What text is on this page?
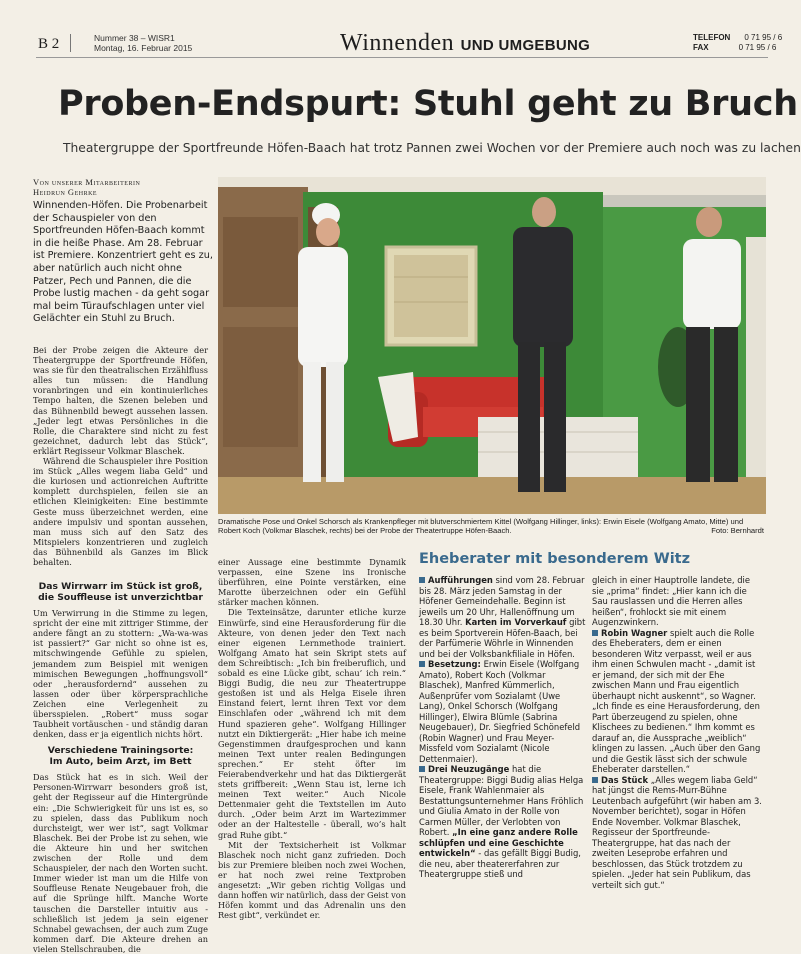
B 2	Nummer 38 – WISR1
Montag, 16. Februar 2015	Winnenden UND UMGEBUNG	TELEFON 0 71 95 / 6
FAX	0 71 95 / 6
Proben-Endspurt: Stuhl geht zu Bruch
Theatergruppe der Sportfreunde Höfen-Baach hat trotz Pannen zwei Wochen vor der Premiere auch noch was zu lachen
Von unserer Mitarbeiterin
Heidrun Gehrke
Winnenden-Höfen. Die Probenarbeit der Schauspieler von den Sportfreunden Höfen-Baach kommt in die heiße Phase. Am 28. Februar ist Premiere. Konzentriert geht es zu, aber natürlich auch nicht ohne Patzer, Pech und Pannen, die die Probe lustig machen - da geht sogar mal beim Türaufschlagen unter viel Gelächter ein Stuhl zu Bruch.

Bei der Probe zeigen die Akteure der Theatergruppe der Sportfreunde Höfen, was sie für den theatralischen Erzählfluss alles tun müssen: die Handlung voranbringen und ein kontinuierliches Tempo halten, die Szenen beleben und das Bühnenbild bewegt aussehen lassen. „Jeder legt etwas Persönliches in die Rolle, die Charaktere sind nicht zu fest gezeichnet, dadurch lebt das Stück“, erklärt Regisseur Volkmar Blaschek.

Während die Schauspieler ihre Position im Stück „Alles wegem liaba Geld“ und die kuriosen und actionreichen Auftritte komplett durchspielen, feilen sie an etlichen Kleinigkeiten: Eine bestimmte Geste muss überzeichnet werden, eine andere impulsiv und spontan aussehen, man muss sich auf den Satz des Mitspielers konzentrieren und zugleich das Bühnenbild als Ganzes im Blick behalten.

Das Wirrwarr im Stück ist groß,
die Souffleuse ist unverzichtbar

Um Verwirrung in die Stimme zu legen, spricht der eine mit zittriger Stimme, der andere fängt an zu stottern: „Wa-wa-was ist passiert?“ Gar nicht so ohne ist es, mitschwingende Gefühle zu spielen, jemandem zum Beispiel mit wenigen mimischen Bewegungen „hoffnungsvoll“ oder „herausfordernd“ aussehen zu lassen oder über körpersprachliche Zeichen eine Verlegenheit zu übersspielen. „Robert“ muss sogar Taubheit vortäuschen - und ständig daran denken, dass er ja eigentlich nichts hört.

Verschiedene Trainingsorte:
Im Auto, beim Arzt, im Bett

Das Stück hat es in sich. Weil der Personen-Wirrwarr besonders groß ist, geht der Regisseur auf die Hintergründe ein: „Die Schwierigkeit für uns ist es, so zu spielen, dass das Publikum noch durchsteigt, wer wer ist“, sagt Volkmar Blaschek. Bei der Probe ist zu sehen, wie die Akteure hin und her switchen zwischen der Rolle und dem Schauspieler, der nach den Worten sucht. Immer wieder ist man um die Hilfe von Souffleuse Renate Neugebauer froh, die auf die Sprünge hilft. Manche Worte tauschen die Darsteller intuitiv aus - schließlich ist jedem ja sein eigener Schnabel gewachsen, der auch zum Zuge kommen darf. Die Akteure drehen an vielen Stellschrauben, die

Dramatische Pose und Onkel Schorsch als Krankenpfleger mit blutverschmiertem Kittel (Wolfgang Hillinger, links): Erwin Eisele (Wolfgang Amato, Mitte) und Robert Koch (Volkmar Blaschek, rechts) bei der Probe der Theatertruppe Höfen-Baach.	Foto: Bernhardt

einer Aussage eine bestimmte Dynamik verpassen, eine Szene ins Ironische überführen, eine Pointe verstärken, eine Marotte überzeichnen oder ein Gefühl stärker machen können.

Die Texteinsätze, darunter etliche kurze Einwürfe, sind eine Herausforderung für die Akteure, von denen jeder den Text nach einer eigenen Lernmethode trainiert. Wolfgang Amato hat sein Skript stets auf dem Schreibtisch: „Ich bin freiberuflich, und sobald es eine Lücke gibt, schau’ ich rein.“ Biggi Budig, die neu zur Theatertruppe gestoßen ist und als Helga Eisele ihren Einstand feiert, lernt ihren Text vor dem Einschlafen oder „während ich mit dem Hund spazieren gehe“. Wolfgang Hillinger nutzt ein Diktiergerät: „Hier habe ich meine Gegenstimmen draufgesprochen und kann meinen Text unter realen Bedingungen sprechen.“ Er steht öfter im Feierabendverkehr und hat das Diktiergerät stets griffbereit: „Wenn Stau ist, lerne ich meinen Text weiter.“ Auch Nicole Dettenmaier geht die Textstellen im Auto durch. „Oder beim Arzt im Wartezimmer oder an der Haltestelle - überall, wo’s halt grad Ruhe gibt.“

Mit der Textsicherheit ist Volkmar Blaschek noch nicht ganz zufrieden. Doch bis zur Premiere bleiben noch zwei Wochen, er hat noch zwei reine Textproben angesetzt: „Wir geben richtig Vollgas und dann hoffen wir natürlich, dass der Geist von Höfen kommt und das Adrenalin uns den Rest gibt“, verkündet er.

Eheberater mit besonderem Witz

Aufführungen sind vom 28. Februar bis 28. März jeden Samstag in der Höfener Gemeindehalle. Beginn ist jeweils um 20 Uhr, Hallenöffnung um 18.30 Uhr. Karten im Vorverkauf gibt es beim Sportverein Höfen-Baach, bei der Parfümerie Wöhrle in Winnenden und bei der Volksbankfiliale in Höfen.

Besetzung: Erwin Eisele (Wolfgang Amato), Robert Koch (Volkmar Blaschek), Manfred Kümmerlich, Außenprüfer vom Sozialamt (Uwe Lang), Onkel Schorsch (Wolfgang Hillinger), Elwira Blümle (Sabrina Neugebauer), Dr. Siegfried Schönefeld (Robin Wagner) und Frau Meyer-Missfeld vom Sozialamt (Nicole Dettenmaier).

Drei Neuzugänge hat die Theatergruppe: Biggi Budig alias Helga Eisele, Frank Wahlenmaier als Bestattungsunternehmer Hans Fröhlich und Giulia Amato in der Rolle von Carmen Müller, der Verlobten von Robert. „In eine ganz andere Rolle schlüpfen und eine Geschichte entwickeln“ - das gefällt Biggi Budig, die neu, aber theatererfahren zur Theatergruppe stieß und

gleich in einer Hauptrolle landete, die sie „prima“ findet: „Hier kann ich die Sau rauslassen und die Herren alles heißen“, frohlockt sie mit einem Augenzwinkern.

Robin Wagner spielt auch die Rolle des Eheberaters, dem er einen besonderen Witz verpasst, weil er aus ihm einen Schwulen macht - „damit ist er jemand, der sich mit der Ehe zwischen Mann und Frau eigentlich überhaupt nicht auskennt“, so Wagner. „Ich finde es eine Herausforderung, den Part überzeugend zu spielen, ohne Klischees zu bedienen.“ Ihm kommt es darauf an, die Aussprache „weiblich“ klingen zu lassen. „Auch über den Gang und die Gestik lässt sich der schwule Eheberater darstellen.“

Das Stück „Alles wegem liaba Geld“ hat jüngst die Rems-Murr-Bühne Leutenbach aufgeführt (wir haben am 3. November berichtet), sogar in Höfen Ende November. Volkmar Blaschek, Regisseur der Sportfreunde-Theatergruppe, hat das nach der zweiten Leseprobe erfahren und beschlossen, das Stück trotzdem zu spielen. „Jeder hat sein Publikum, das verteilt sich gut.“
